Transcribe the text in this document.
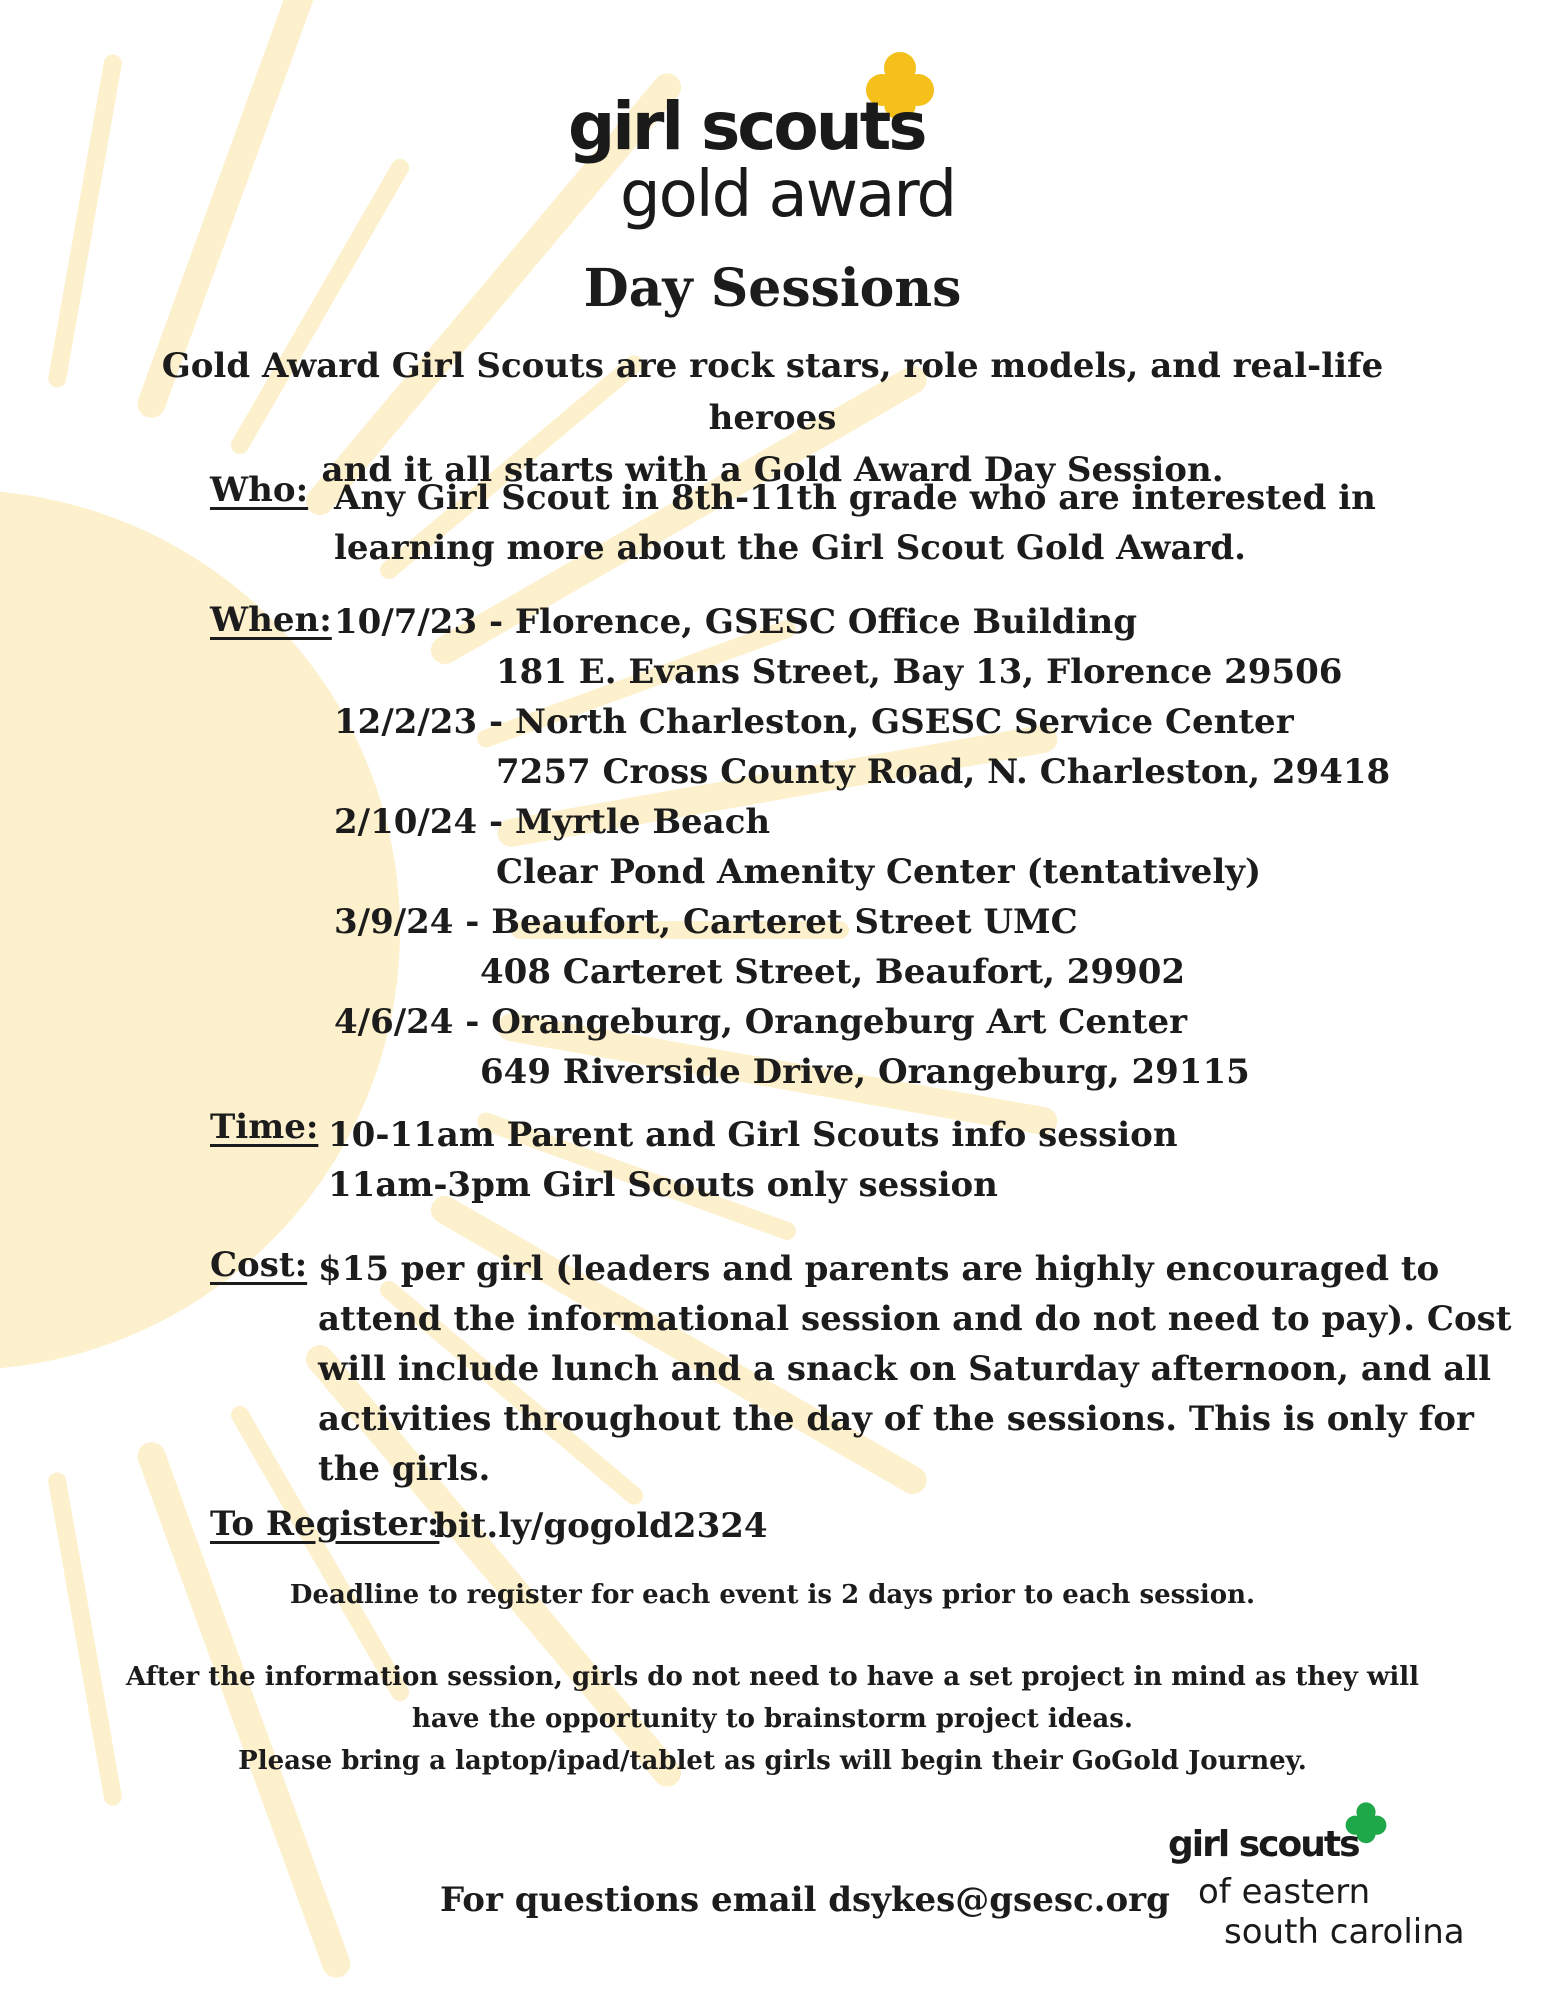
girl scouts
gold award
Day Sessions
Gold Award Girl Scouts are rock stars, role models, and real-life heroes
and it all starts with a Gold Award Day Session.
Who: Any Girl Scout in 8th-11th grade who are interested in
learning more about the Girl Scout Gold Award.
When: 10/7/23 - Florence, GSESC Office Building
181 E. Evans Street, Bay 13, Florence 29506
12/2/23 - North Charleston, GSESC Service Center
7257 Cross County Road, N. Charleston, 29418
2/10/24 - Myrtle Beach
Clear Pond Amenity Center (tentatively)
3/9/24 - Beaufort, Carteret Street UMC
408 Carteret Street, Beaufort, 29902
4/6/24 - Orangeburg, Orangeburg Art Center
649 Riverside Drive, Orangeburg, 29115
Time: 10-11am Parent and Girl Scouts info session
11am-3pm Girl Scouts only session
Cost: $15 per girl (leaders and parents are highly encouraged to
attend the informational session and do not need to pay). Cost
will include lunch and a snack on Saturday afternoon, and all
activities throughout the day of the sessions. This is only for
the girls.
To Register:
bit.ly/gogold2324
Deadline to register for each event is 2 days prior to each session.
After the information session, girls do not need to have a set project in mind as they will
have the opportunity to brainstorm project ideas.
Please bring a laptop/ipad/tablet as girls will begin their GoGold Journey.
For questions email dsykes@gsesc.org
girl scouts
of eastern
south carolina
